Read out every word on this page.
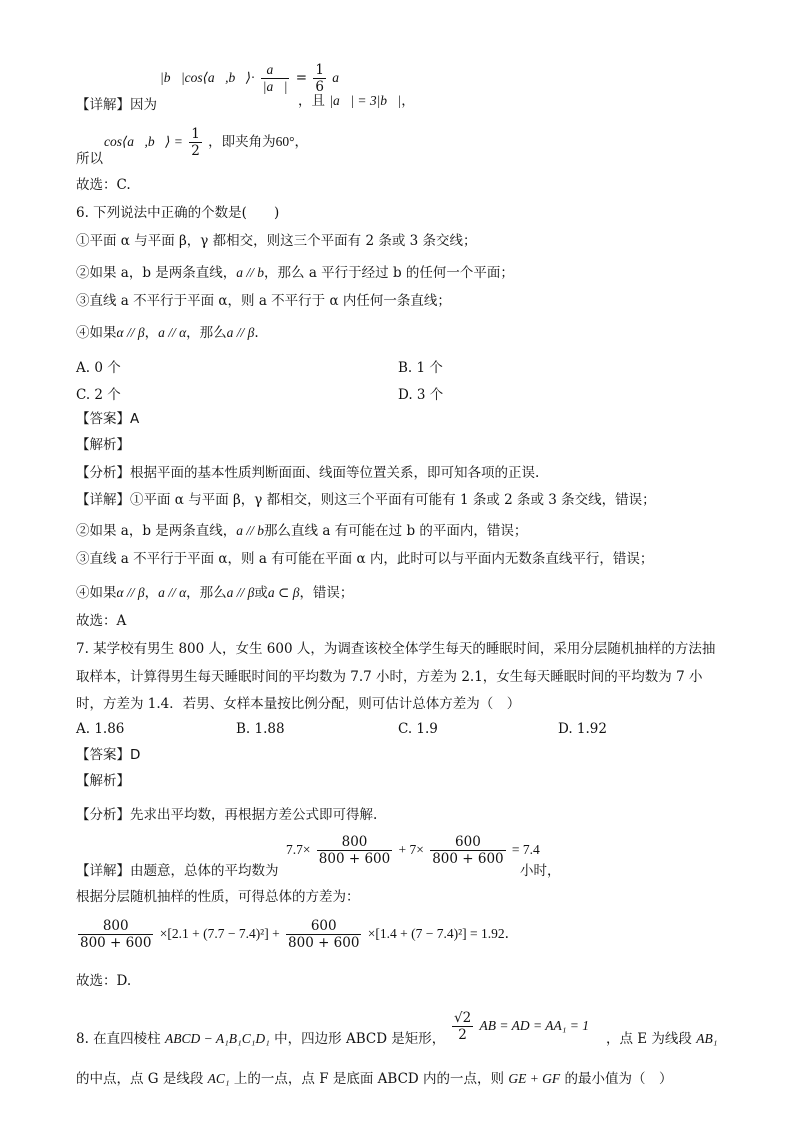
|b⃗|cos⟨a⃗,b⃗⟩· $\frac{a⃗}{|a⃗|} = \frac{1}{6}$ a⃗
【详解】因为	，且 |a⃗| = 3|b⃗|，
cos⟨a⃗,b⃗⟩ = $\frac{1}{2}$ ，即夹角为60°，
所以
故选：C.
6. 下列说法中正确的个数是(　　)
①平面 α 与平面 β，γ 都相交，则这三个平面有 2 条或 3 条交线；
②如果 a，b 是两条直线，a // b，那么 a 平行于经过 b 的任何一个平面；
③直线 a 不平行于平面 α，则 a 不平行于 α 内任何一条直线；
④如果α // β，a // α，那么a // β.
A. 0 个	B. 1 个
C. 2 个	D. 3 个
【答案】A
【解析】
【分析】根据平面的基本性质判断面面、线面等位置关系，即可知各项的正误.
【详解】①平面 α 与平面 β，γ 都相交，则这三个平面有可能有 1 条或 2 条或 3 条交线，错误；
②如果 a，b 是两条直线，a // b那么直线 a 有可能在过 b 的平面内，错误；
③直线 a 不平行于平面 α，则 a 有可能在平面 α 内，此时可以与平面内无数条直线平行，错误；
④如果α // β，a // α，那么a // β或a ⊂ β，错误；
故选：A
7. 某学校有男生 800 人，女生 600 人，为调查该校全体学生每天的睡眠时间，采用分层随机抽样的方法抽
取样本，计算得男生每天睡眠时间的平均数为 7.7 小时，方差为 2.1，女生每天睡眠时间的平均数为 7 小
时，方差为 1.4．若男、女样本量按比例分配，则可估计总体方差为（　）
A. 1.86	B. 1.88	C. 1.9	D. 1.92
【答案】D
【解析】
【分析】先求出平均数，再根据方差公式即可得解.
【详解】由题意，总体的平均数为
$7.7\times \frac{800}{800 + 600} + 7\times \frac{600}{800 + 600} = 7.4$
小时，
根据分层随机抽样的性质，可得总体的方差为：
$\frac{800}{800 + 600} \times[2.1 + (7.7 - 7.4)^2] + \frac{600}{800 + 600} \times[1.4 + (7 - 7.4)^2] = 1.92$.
故选：D.
8. 在直四棱柱 ABCD − A₁B₁C₁D₁ 中，四边形 ABCD 是矩形， $\frac{√2}{2}$ AB = AD = AA₁ = 1
，点 E 为线段 AB₁
的中点，点 G 是线段 AC₁ 上的一点，点 F 是底面 ABCD 内的一点，则 GE + GF 的最小值为（　）
